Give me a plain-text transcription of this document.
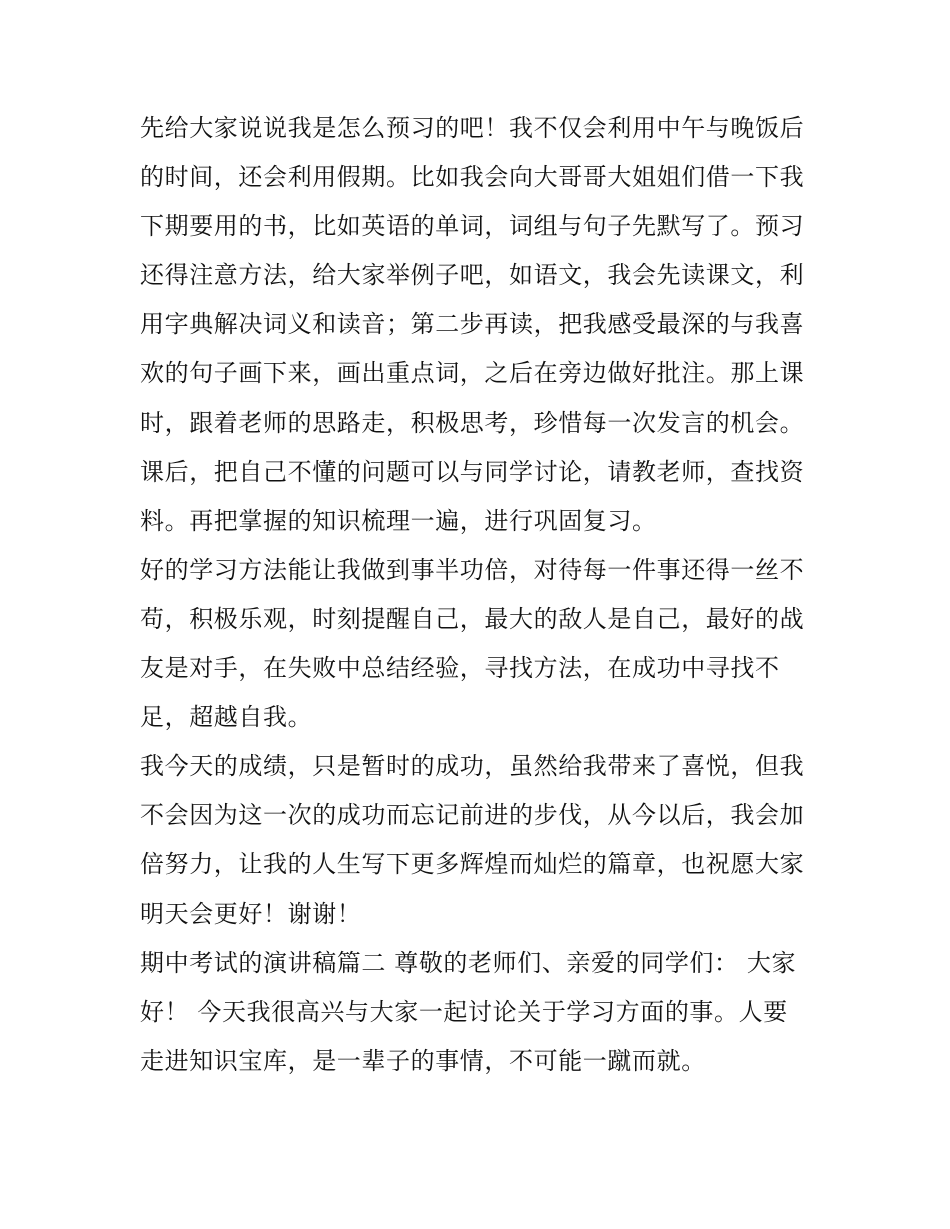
先给大家说说我是怎么预习的吧！我不仅会利用中午与晚饭后
的时间，还会利用假期。比如我会向大哥哥大姐姐们借一下我
下期要用的书，比如英语的单词，词组与句子先默写了。预习
还得注意方法，给大家举例子吧，如语文，我会先读课文，利
用字典解决词义和读音；第二步再读，把我感受最深的与我喜
欢的句子画下来，画出重点词，之后在旁边做好批注。那上课
时，跟着老师的思路走，积极思考，珍惜每一次发言的机会。
课后，把自己不懂的问题可以与同学讨论，请教老师，查找资
料。再把掌握的知识梳理一遍，进行巩固复习。
好的学习方法能让我做到事半功倍，对待每一件事还得一丝不
苟，积极乐观，时刻提醒自己，最大的敌人是自己，最好的战
友是对手，在失败中总结经验，寻找方法，在成功中寻找不
足，超越自我。
我今天的成绩，只是暂时的成功，虽然给我带来了喜悦，但我
不会因为这一次的成功而忘记前进的步伐，从今以后，我会加
倍努力，让我的人生写下更多辉煌而灿烂的篇章，也祝愿大家
明天会更好！谢谢！
期中考试的演讲稿篇二 尊敬的老师们、亲爱的同学们： 大家
好！ 今天我很高兴与大家一起讨论关于学习方面的事。人要
走进知识宝库，是一辈子的事情，不可能一蹴而就。
